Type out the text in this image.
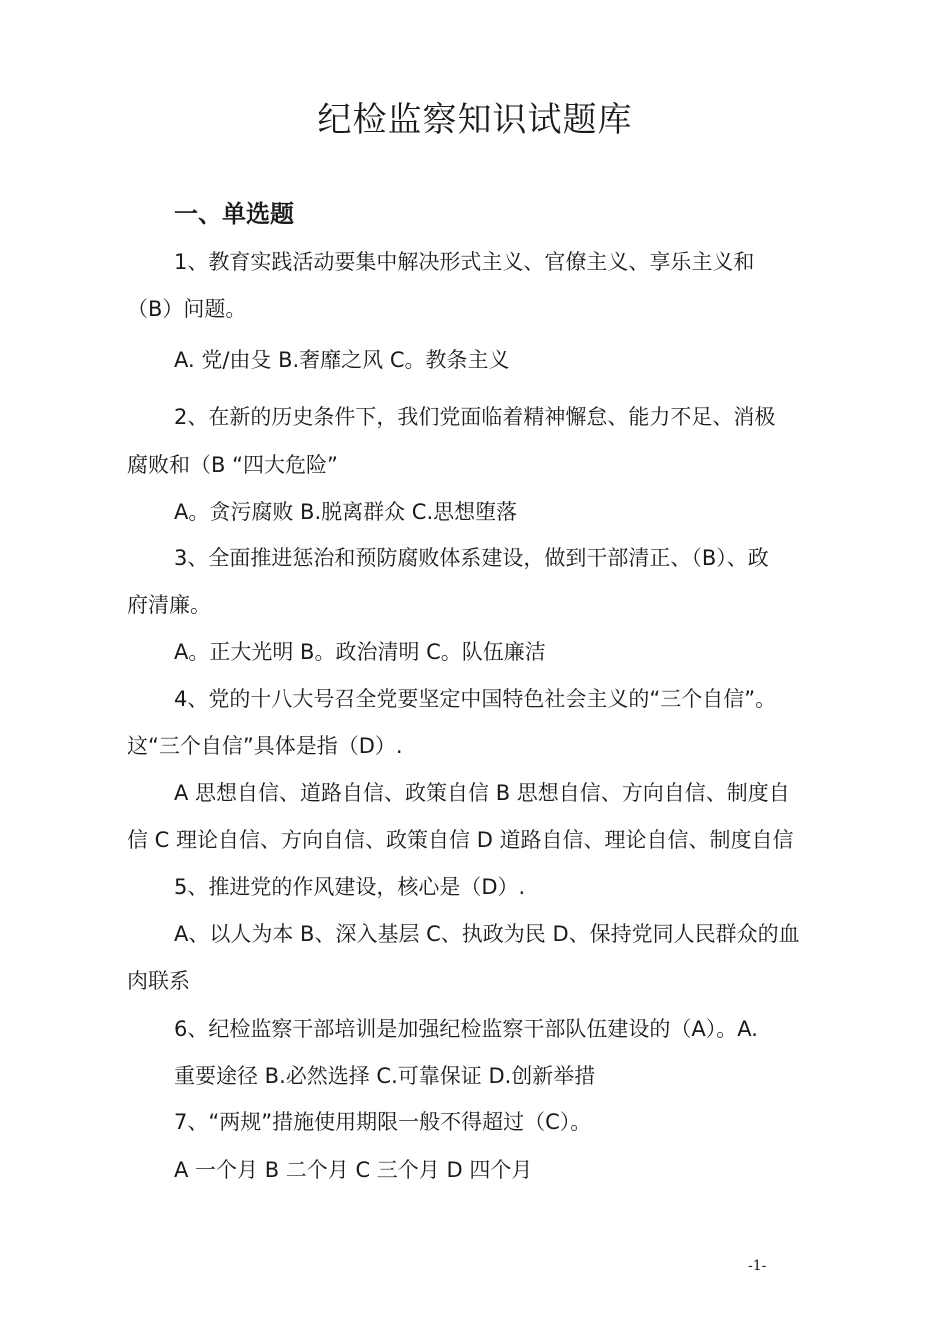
纪检监察知识试题库
一、单选题
1、教育实践活动要集中解决形式主义、官僚主义、享乐主义和
（B）问题。
A. 党/由殳 B.奢靡之风 C。教条主义
2、在新的历史条件下，我们党面临着精神懈怠、能力不足、消极
腐败和（B “四大危险”
A。贪污腐败 B.脱离群众 C.思想堕落
3、全面推进惩治和预防腐败体系建设，做到干部清正、（B）、政
府清廉。
A。正大光明 B。政治清明 C。队伍廉洁
4、党的十八大号召全党要坚定中国特色社会主义的“三个自信”。
这“三个自信”具体是指（D）.
A 思想自信、道路自信、政策自信 B 思想自信、方向自信、制度自
信 C 理论自信、方向自信、政策自信 D 道路自信、理论自信、制度自信
5、推进党的作风建设，核心是（D）.
A、以人为本 B、深入基层 C、执政为民 D、保持党同人民群众的血
肉联系
6、纪检监察干部培训是加强纪检监察干部队伍建设的（A）。A.
重要途径 B.必然选择 C.可靠保证 D.创新举措
7、“两规”措施使用期限一般不得超过（C）。
A 一个月 B 二个月 C 三个月 D 四个月
-1-
